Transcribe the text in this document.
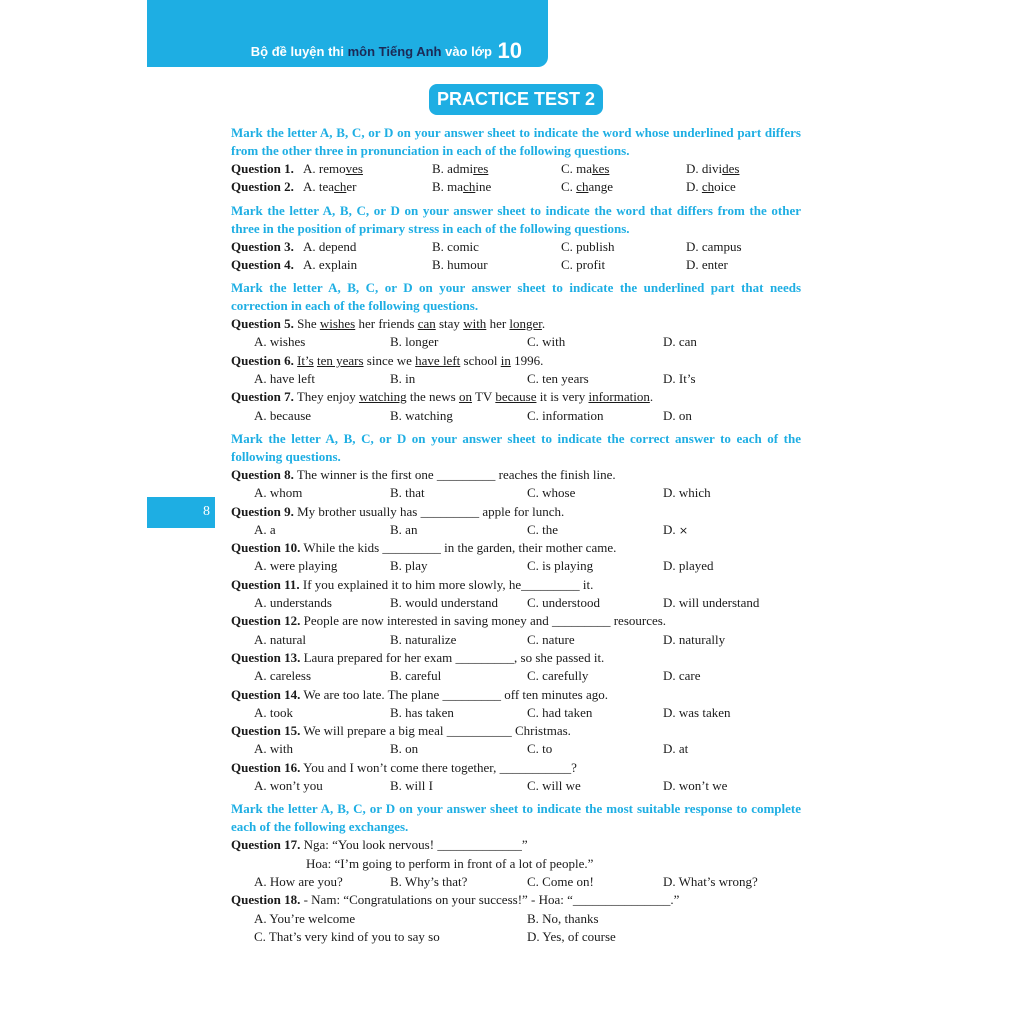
Bộ đề luyện thi môn Tiếng Anh vào lớp 10
PRACTICE TEST 2
8
Mark the letter A, B, C, or D on your answer sheet to indicate the word whose underlined part differs from the other three in pronunciation in each of the following questions.
Question 1. A. removes	B. admires	C. makes	D. divides
Question 2. A. teacher	B. machine	C. change	D. choice
Mark the letter A, B, C, or D on your answer sheet to indicate the word that differs from the other three in the position of primary stress in each of the following questions.
Question 3. A. depend	B. comic	C. publish	D. campus
Question 4. A. explain	B. humour	C. profit	D. enter
Mark the letter A, B, C, or D on your answer sheet to indicate the underlined part that needs correction in each of the following questions.
Question 5. She wishes her friends can stay with her longer.
A. wishes	B. longer	C. with	D. can
Question 6. It’s ten years since we have left school in 1996.
A. have left	B. in	C. ten years	D. It’s
Question 7. They enjoy watching the news on TV because it is very information.
A. because	B. watching	C. information	D. on
Mark the letter A, B, C, or D on your answer sheet to indicate the correct answer to each of the following questions.
Question 8. The winner is the first one _________ reaches the finish line.
A. whom	B. that	C. whose	D. which
Question 9. My brother usually has _________ apple for lunch.
A. a	B. an	C. the	D. ×
Question 10. While the kids _________ in the garden, their mother came.
A. were playing	B. play	C. is playing	D. played
Question 11. If you explained it to him more slowly, he_________ it.
A. understands	B. would understand C. understood	D. will understand
Question 12. People are now interested in saving money and _________ resources.
A. natural	B. naturalize	C. nature	D. naturally
Question 13. Laura prepared for her exam _________, so she passed it.
A. careless	B. careful	C. carefully	D. care
Question 14. We are too late. The plane _________ off ten minutes ago.
A. took	B. has taken	C. had taken	D. was taken
Question 15. We will prepare a big meal __________ Christmas.
A. with	B. on	C. to	D. at
Question 16. You and I won’t come there together, ___________?
A. won’t you	B. will I	C. will we	D. won’t we
Mark the letter A, B, C, or D on your answer sheet to indicate the most suitable response to complete each of the following exchanges.
Question 17. Nga: “You look nervous! _____________”
Hoa: “I’m going to perform in front of a lot of people.”
A. How are you?	B. Why’s that?	C. Come on!	D. What’s wrong?
Question 18. - Nam: “Congratulations on your success!” - Hoa: “_______________.”
A. You’re welcome	B. No, thanks
C. That’s very kind of you to say so	D. Yes, of course
